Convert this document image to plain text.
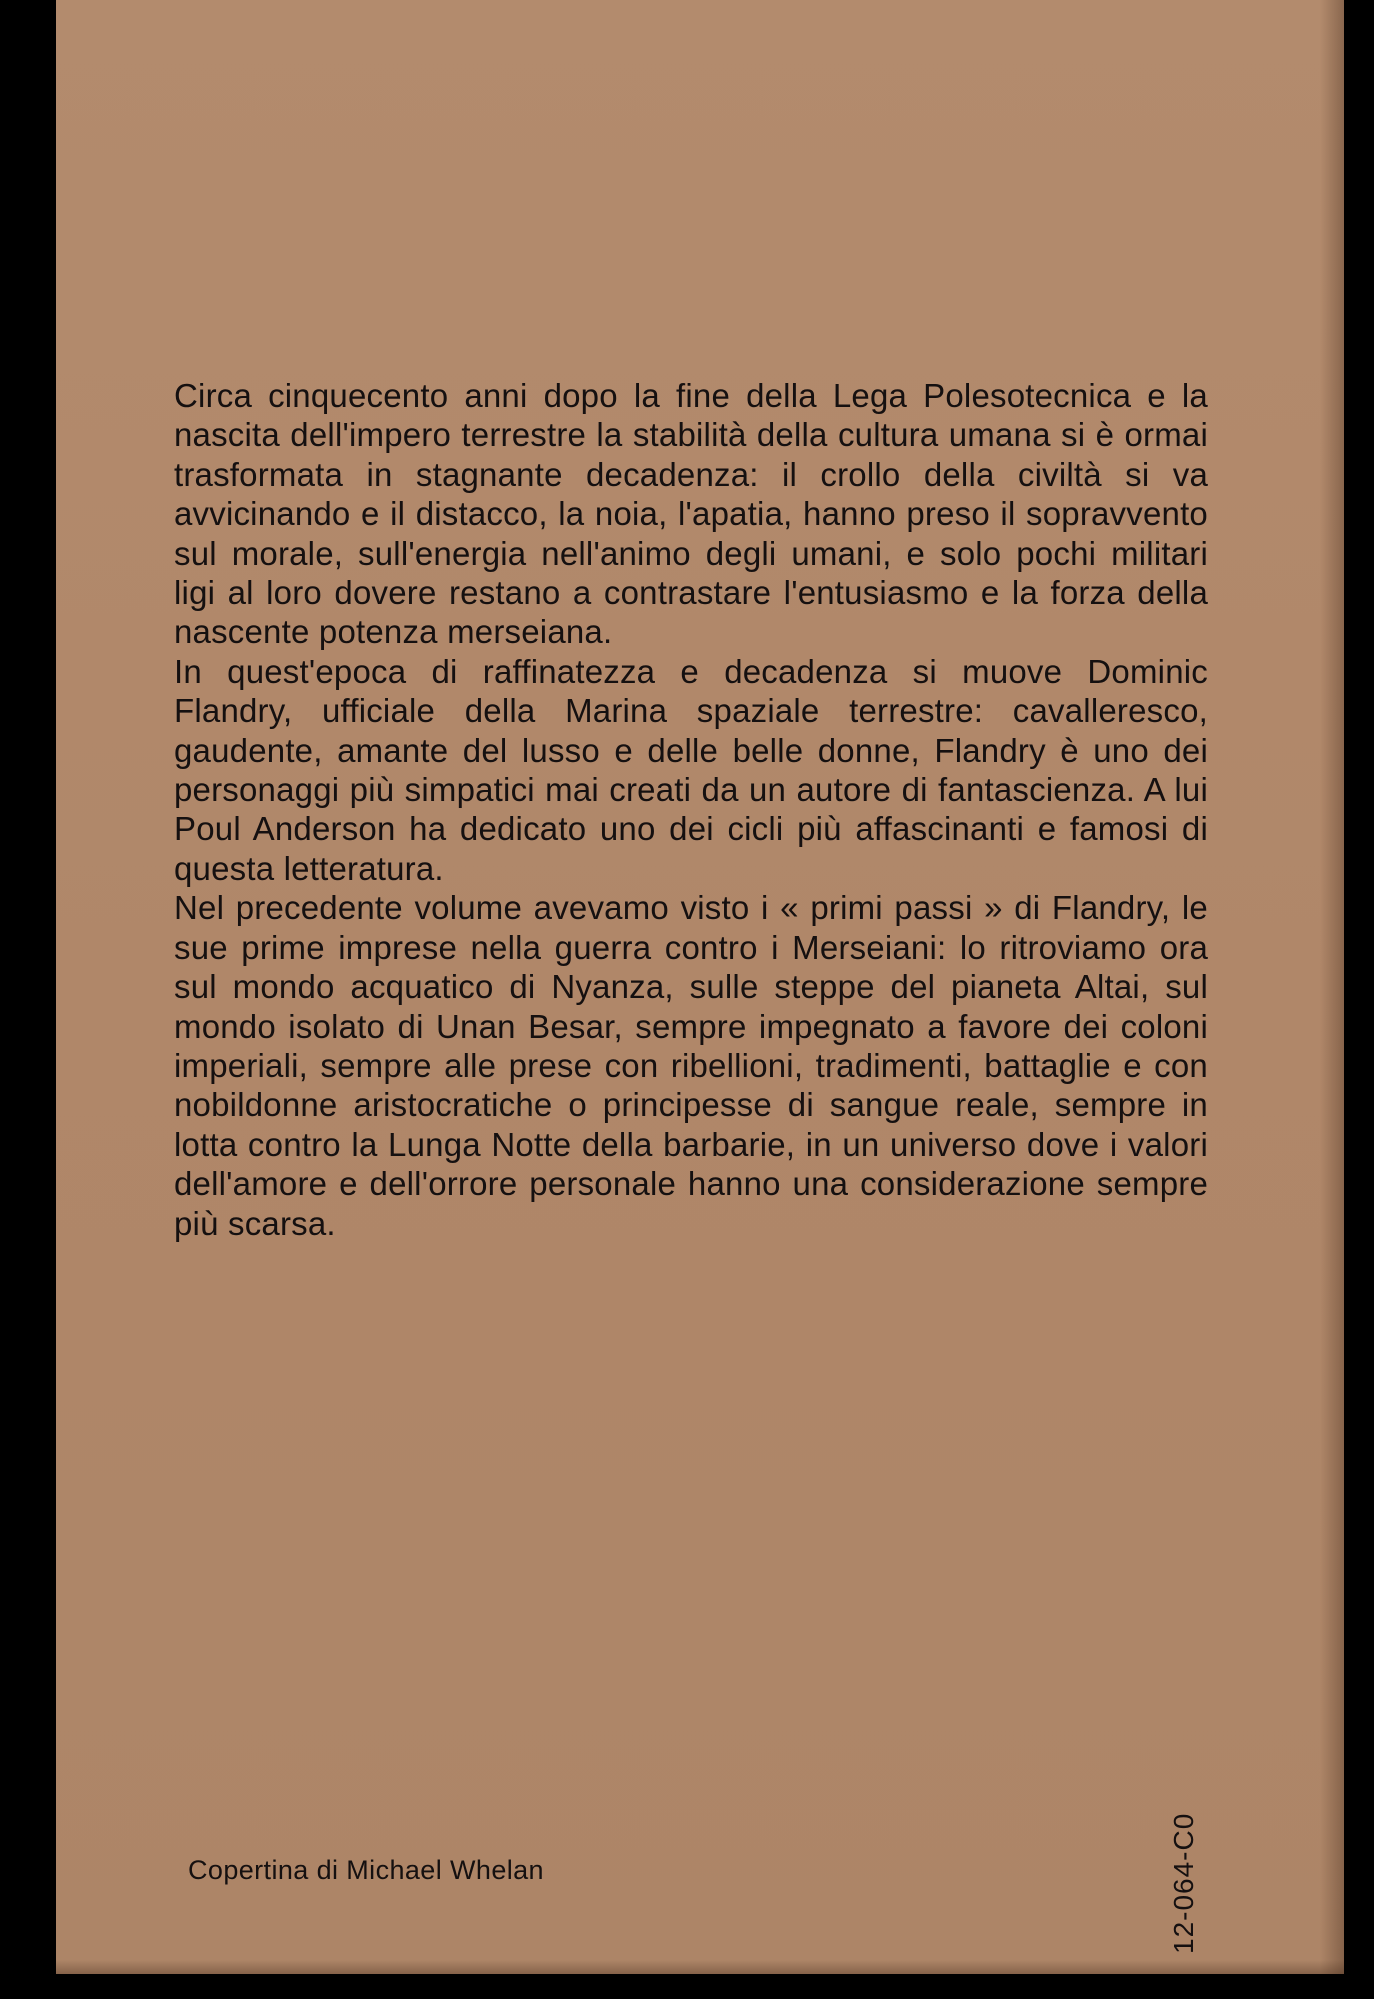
Circa cinquecento anni dopo la fine della Lega Polesotecnica e la nascita dell'impero terrestre la stabilità della cultura umana si è ormai trasformata in stagnante decadenza: il crollo della civiltà si va avvicinando e il distacco, la noia, l'apatia, hanno preso il sopravvento sul morale, sull'energia nell'animo degli umani, e solo pochi militari ligi al loro dovere restano a contrastare l'entusiasmo e la forza della nascente potenza merseiana.

In quest'epoca di raffinatezza e decadenza si muove Dominic Flandry, ufficiale della Marina spaziale terrestre: cavalleresco, gaudente, amante del lusso e delle belle donne, Flandry è uno dei personaggi più simpatici mai creati da un autore di fantascienza. A lui Poul Anderson ha dedicato uno dei cicli più affascinanti e famosi di questa letteratura.

Nel precedente volume avevamo visto i « primi passi » di Flandry, le sue prime imprese nella guerra contro i Merseiani: lo ritroviamo ora sul mondo acquatico di Nyanza, sulle steppe del pianeta Altai, sul mondo isolato di Unan Besar, sempre impegnato a favore dei coloni imperiali, sempre alle prese con ribellioni, tradimenti, battaglie e con nobildonne aristocratiche o principesse di sangue reale, sempre in lotta contro la Lunga Notte della barbarie, in un universo dove i valori dell'amore e dell'orrore personale hanno una considerazione sempre più scarsa.

Copertina di Michael Whelan	12-064-C0
